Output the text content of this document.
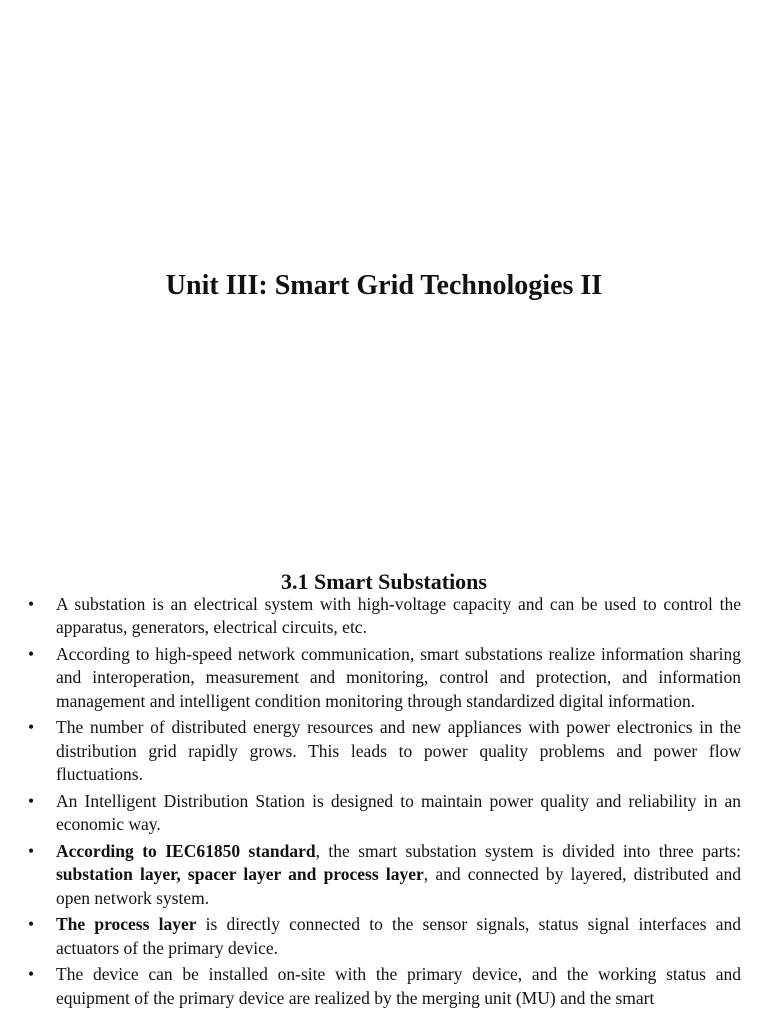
Unit III: Smart Grid Technologies II
3.1 Smart Substations
•	A substation is an electrical system with high-voltage capacity and can be used to control the apparatus, generators, electrical circuits, etc.
•	According to high-speed network communication, smart substations realize information sharing and interoperation, measurement and monitoring, control and protection, and information management and intelligent condition monitoring through standardized digital information.
•	The number of distributed energy resources and new appliances with power electronics in the distribution grid rapidly grows. This leads to power quality problems and power flow fluctuations.
•	An Intelligent Distribution Station is designed to maintain power quality and reliability in an economic way.
•	According to IEC61850 standard, the smart substation system is divided into three parts: substation layer, spacer layer and process layer, and connected by layered, distributed and open network system.
•	The process layer is directly connected to the sensor signals, status signal interfaces and actuators of the primary device.
•	The device can be installed on-site with the primary device, and the working status and equipment of the primary device are realized by the merging unit (MU) and the smart
